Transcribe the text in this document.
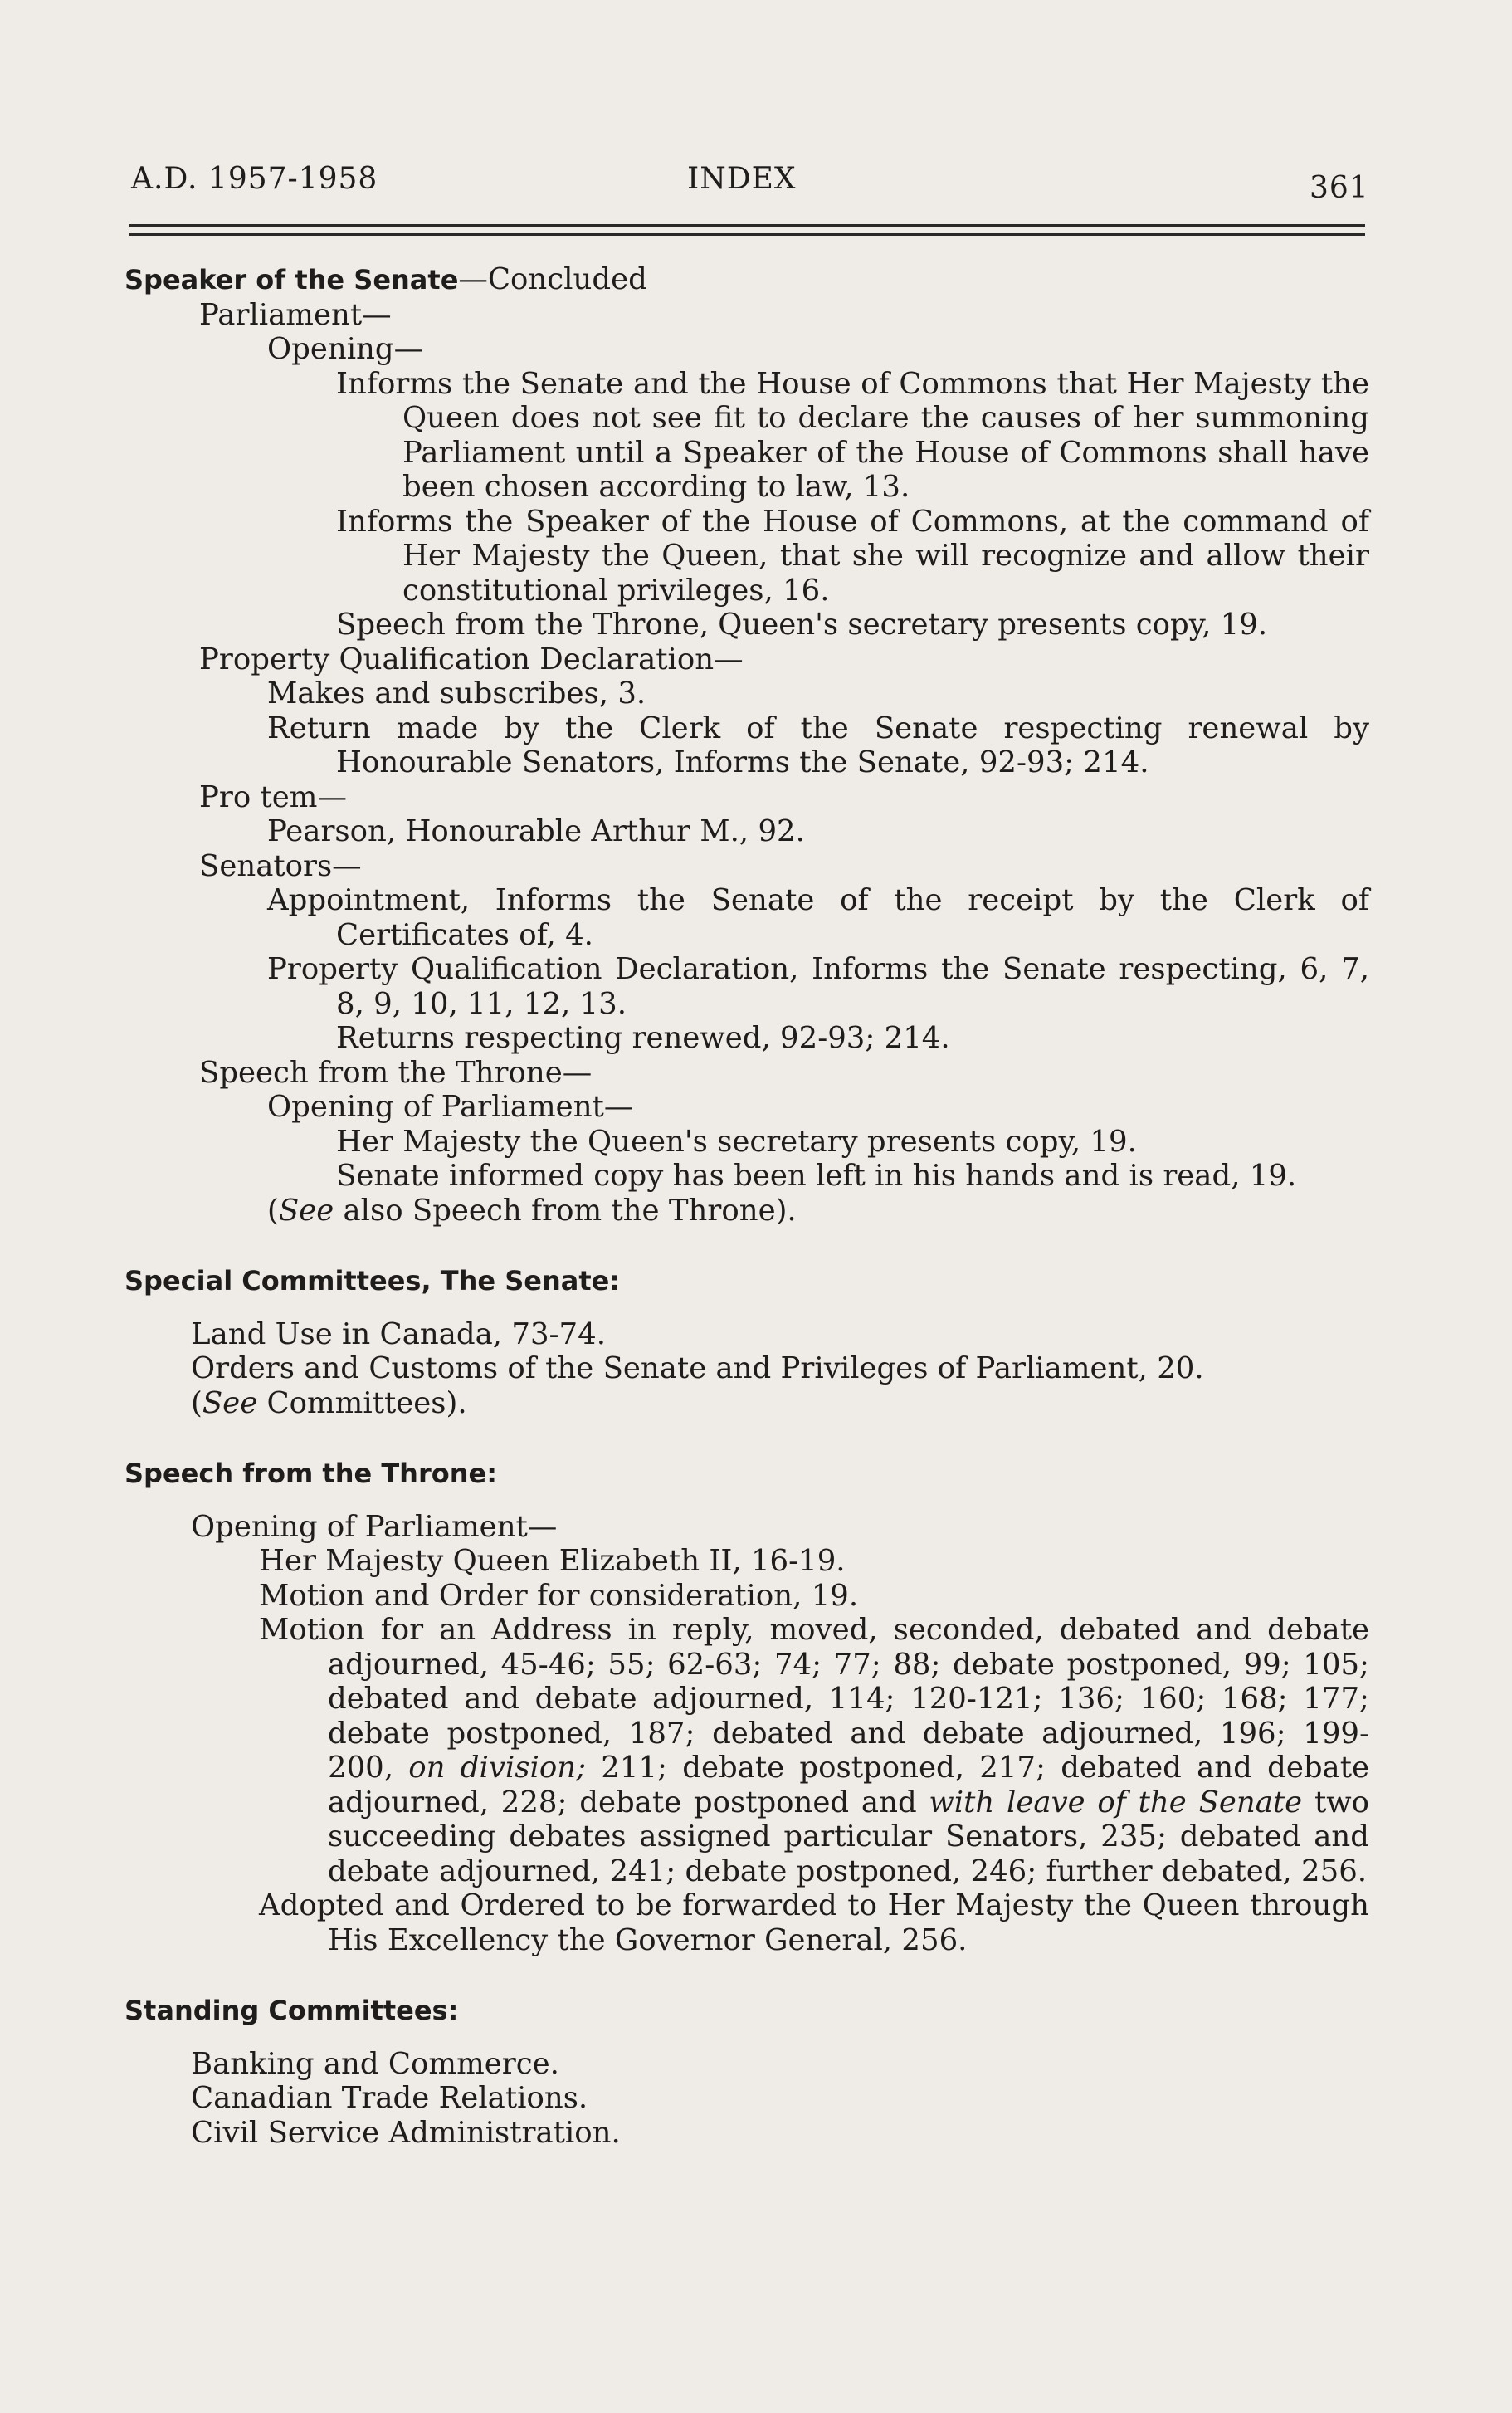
A.D. 1957-1958	INDEX	361
Speaker of the Senate—Concluded
Parliament—
Opening—
Informs the Senate and the House of Commons that Her Majesty the Queen does not see fit to declare the causes of her summoning Parliament until a Speaker of the House of Commons shall have been chosen according to law, 13.
Informs the Speaker of the House of Commons, at the command of Her Majesty the Queen, that she will recognize and allow their constitutional privileges, 16.
Speech from the Throne, Queen's secretary presents copy, 19.
Property Qualification Declaration—
Makes and subscribes, 3.
Return made by the Clerk of the Senate respecting renewal by Honourable Senators, Informs the Senate, 92-93; 214.
Pro tem—
Pearson, Honourable Arthur M., 92.
Senators—
Appointment, Informs the Senate of the receipt by the Clerk of Certificates of, 4.
Property Qualification Declaration, Informs the Senate respecting, 6, 7, 8, 9, 10, 11, 12, 13.
Returns respecting renewed, 92-93; 214.
Speech from the Throne—
Opening of Parliament—
Her Majesty the Queen's secretary presents copy, 19.
Senate informed copy has been left in his hands and is read, 19.
(See also Speech from the Throne).
Special Committees, The Senate:
Land Use in Canada, 73-74.
Orders and Customs of the Senate and Privileges of Parliament, 20.
(See Committees).
Speech from the Throne:
Opening of Parliament—
Her Majesty Queen Elizabeth II, 16-19.
Motion and Order for consideration, 19.
Motion for an Address in reply, moved, seconded, debated and debate adjourned, 45-46; 55; 62-63; 74; 77; 88; debate postponed, 99; 105; debated and debate adjourned, 114; 120-121; 136; 160; 168; 177; debate postponed, 187; debated and debate adjourned, 196; 199-200, on division; 211; debate postponed, 217; debated and debate adjourned, 228; debate postponed and with leave of the Senate two succeeding debates assigned particular Senators, 235; debated and debate adjourned, 241; debate postponed, 246; further debated, 256.
Adopted and Ordered to be forwarded to Her Majesty the Queen through His Excellency the Governor General, 256.
Standing Committees:
Banking and Commerce.
Canadian Trade Relations.
Civil Service Administration.
